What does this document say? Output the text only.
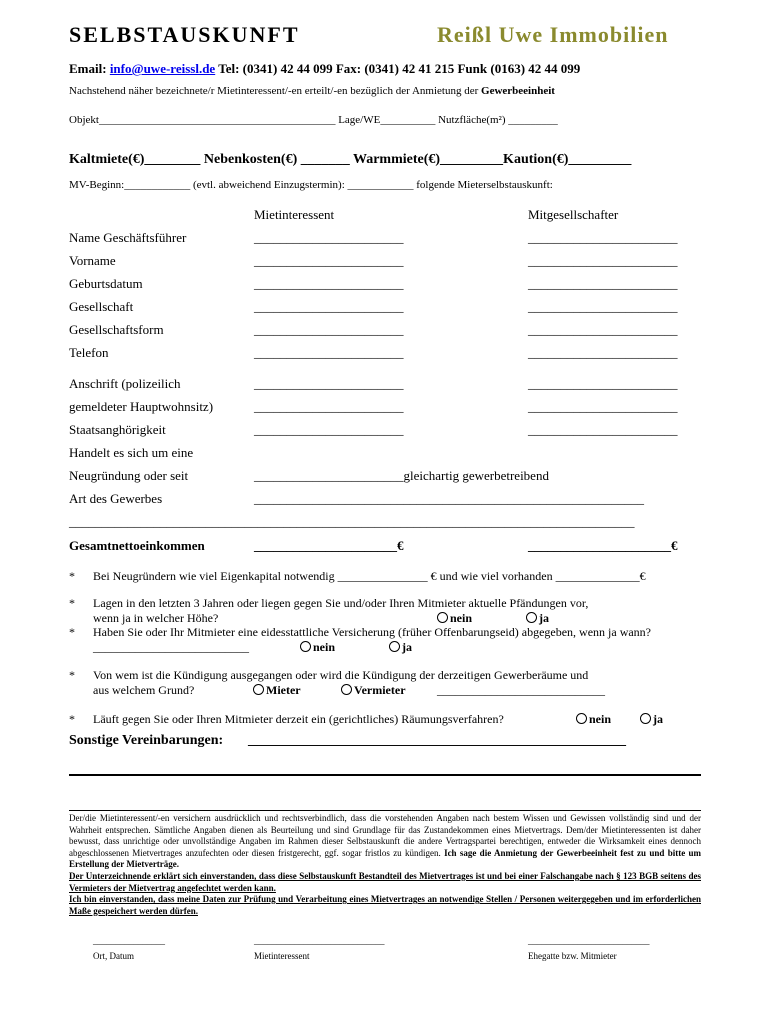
SELBSTAUSKUNFT	Reißl Uwe Immobilien
Email: info@uwe-reissl.de Tel: (0341) 42 44 099 Fax: (0341) 42 41 215 Funk (0163) 42 44 099
Nachstehend näher bezeichnete/r Mietinteressent/-en erteilt/-en bezüglich der Anmietung der Gewerbeeinheit
Objekt___________________________________________ Lage/WE__________ Nutzfläche(m²) _________
Kaltmiete(€)________ Nebenkosten(€) _______ Warmmiete(€)_________Kaution(€)_________
MV-Beginn:____________ (evtl. abweichend Einzugstermin): ____________ folgende Mieterselbstauskunft:
Mietinteressent	Mitgesellschafter
Name Geschäftsführer	_______________________	_______________________
Vorname	_______________________	_______________________
Geburtsdatum	_______________________	_______________________
Gesellschaft	_______________________	_______________________
Gesellschaftsform	_______________________	_______________________
Telefon	_______________________	_______________________
Anschrift (polizeilich	_______________________	_______________________
gemeldeter Hauptwohnsitz)	_______________________	_______________________
Staatsanghörigkeit	_______________________	_______________________
Handelt es sich um eine
Neugründung oder seit	_______________________gleichartig gewerbetreibend
Art des Gewerbes	____________________________________________________________
_______________________________________________________________________________________
Gesamtnettoeinkommen	______________________€	______________________€
* Bei Neugründern wie viel Eigenkapital notwendig _______________ € und wie viel vorhanden ______________€
* Lagen in den letzten 3 Jahren oder liegen gegen Sie und/oder Ihren Mitmieter aktuelle Pfändungen vor,
wenn ja in welcher Höhe?	nein	ja
* Haben Sie oder Ihr Mitmieter eine eidesstattliche Versicherung (früher Offenbarungseid) abgegeben, wenn ja wann?
__________________________	nein	ja
* Von wem ist die Kündigung ausgegangen oder wird die Kündigung der derzeitigen Gewerberäume und
aus welchem Grund?	Mieter	Vermieter	____________________________
* Läuft gegen Sie oder Ihren Mitmieter derzeit ein (gerichtliches) Räumungsverfahren?	nein	ja
Sonstige Vereinbarungen: ______________________________________________________

Der/die Mietinteressent/-en versichern ausdrücklich und rechtsverbindlich, dass die vorstehenden Angaben nach bestem Wissen und Gewissen vollständig sind und der Wahrheit entsprechen. Sämtliche Angaben dienen als Beurteilung und sind Grundlage für das Zustandekommen eines Mietvertrags. Dem/der Mietinteressenten ist daher bewusst, dass unrichtige oder unvollständige Angaben im Rahmen dieser Selbstauskunft die andere Vertragspartei berechtigen, entweder die Wirksamkeit eines dennoch abgeschlossenen Mietvertrages anzufechten oder diesen fristgerecht, ggf. sogar fristlos zu kündigen. Ich sage die Anmietung der Gewerbeeinheit fest zu und bitte um Erstellung der Mietverträge.

Der Unterzeichnende erklärt sich einverstanden, dass diese Selbstauskunft Bestandteil des Mietvertrages ist und bei einer Falschangabe nach § 123 BGB seitens des Vermieters der Mietvertrag angefechtet werden kann.

Ich bin einverstanden, dass meine Daten zur Prüfung und Verarbeitung eines Mietvertrages an notwendige Stellen / Personen weitergegeben und im erforderlichen Maße gespeichert werden dürfen.

________________	_____________________________	___________________________
Ort, Datum	Mietinteressent	Ehegatte bzw. Mitmieter
